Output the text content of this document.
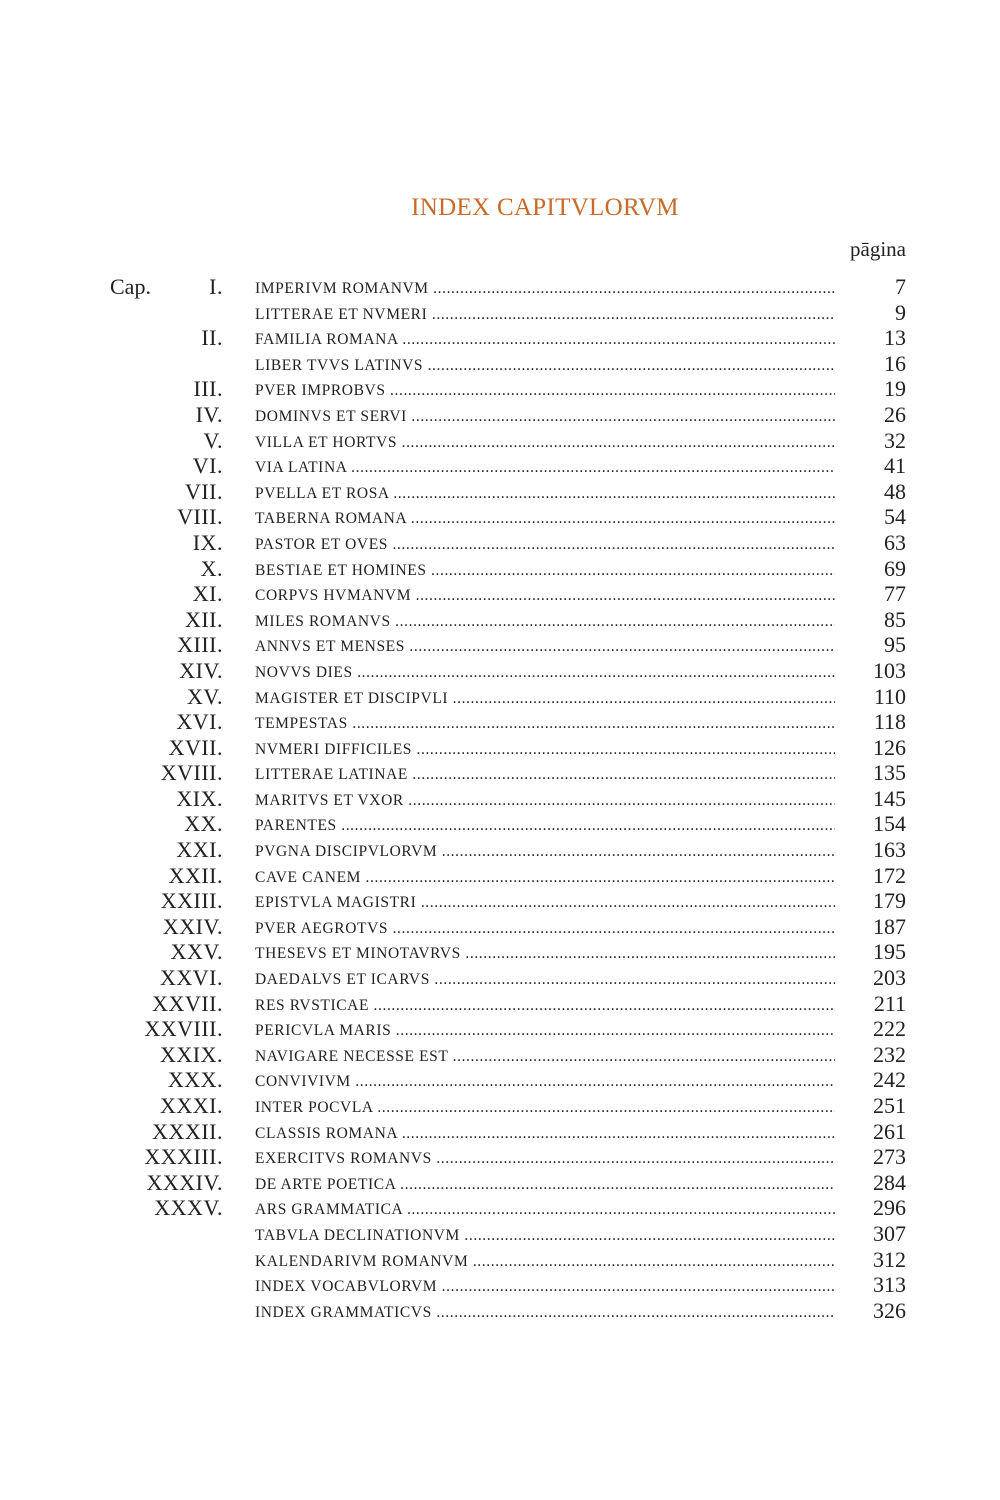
INDEX CAPITVLORVM
pāgina
Cap.	I. IMPERIVM ROMANVM .....	7
LITTERAE ET NVMERI .....	9
II. FAMILIA ROMANA .....	13
LIBER TVVS LATINVS .....	16
III. PVER IMPROBVS .....	19
IV. DOMINVS ET SERVI .....	26
V. VILLA ET HORTVS .....	32
VI. VIA LATINA .....	41
VII. PVELLA ET ROSA .....	48
VIII. TABERNA ROMANA .....	54
IX. PASTOR ET OVES .....	63
X. BESTIAE ET HOMINES .....	69
XI. CORPVS HVMANVM .....	77
XII. MILES ROMANVS .....	85
XIII. ANNVS ET MENSES .....	95
XIV. NOVVS DIES .....	103
XV. MAGISTER ET DISCIPVLI .....	110
XVI. TEMPESTAS .....	118
XVII. NVMERI DIFFICILES .....	126
XVIII. LITTERAE LATINAE .....	135
XIX. MARITVS ET VXOR .....	145
XX. PARENTES .....	154
XXI. PVGNA DISCIPVLORVM .....	163
XXII. CAVE CANEM .....	172
XXIII. EPISTVLA MAGISTRI .....	179
XXIV. PVER AEGROTVS .....	187
XXV. THESEVS ET MINOTAVRVS .....	195
XXVI. DAEDALVS ET ICARVS .....	203
XXVII. RES RVSTICAE .....	211
XXVIII. PERICVLA MARIS .....	222
XXIX. NAVIGARE NECESSE EST .....	232
XXX. CONVIVIVM .....	242
XXXI. INTER POCVLA .....	251
XXXII. CLASSIS ROMANA .....	261
XXXIII. EXERCITVS ROMANVS .....	273
XXXIV. DE ARTE POETICA .....	284
XXXV. ARS GRAMMATICA .....	296
TABVLA DECLINATIONVM .....	307
KALENDARIVM ROMANVM .....	312
INDEX VOCABVLORVM .....	313
INDEX GRAMMATICVS .....	326
